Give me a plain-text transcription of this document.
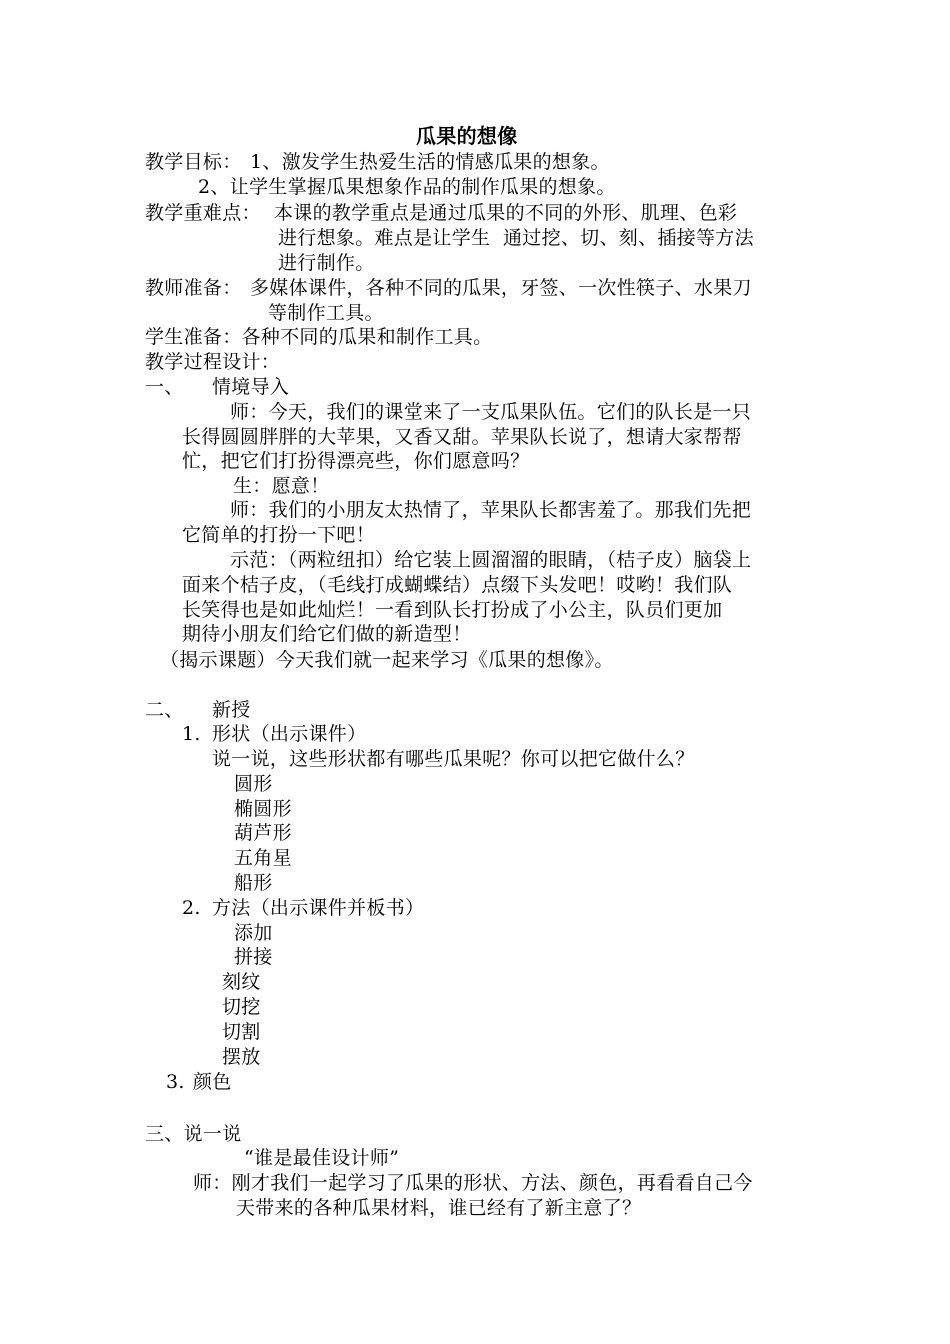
瓜果的想像
教学目标： 1、激发学生热爱生活的情感瓜果的想象。
2、让学生掌握瓜果想象作品的制作瓜果的想象。
教学重难点： 本课的教学重点是通过瓜果的不同的外形、肌理、色彩
进行想象。难点是让学生  通过挖、切、刻、插接等方法
进行制作。
教师准备： 多媒体课件，各种不同的瓜果，牙签、一次性筷子、水果刀
等制作工具。
学生准备：各种不同的瓜果和制作工具。
教学过程设计：
一、 情境导入
师：今天，我们的课堂来了一支瓜果队伍。它们的队长是一只
长得圆圆胖胖的大苹果，又香又甜。苹果队长说了，想请大家帮帮
忙，把它们打扮得漂亮些，你们愿意吗？
生：愿意！
师：我们的小朋友太热情了，苹果队长都害羞了。那我们先把
它简单的打扮一下吧！
示范：（两粒纽扣）给它装上圆溜溜的眼睛，（桔子皮）脑袋上
面来个桔子皮，（毛线打成蝴蝶结）点缀下头发吧！哎哟！我们队
长笑得也是如此灿烂！一看到队长打扮成了小公主，队员们更加
期待小朋友们给它们做的新造型！
（揭示课题）今天我们就一起来学习《瓜果的想像》。
二、 新授
1. 形状（出示课件）
说一说，这些形状都有哪些瓜果呢？你可以把它做什么？
圆形
椭圆形
葫芦形
五角星
船形
2. 方法（出示课件并板书）
添加
拼接
刻纹
切挖
切割
摆放
3. 颜色
三、说一说
“谁是最佳设计师”
师：刚才我们一起学习了瓜果的形状、方法、颜色，再看看自己今
天带来的各种瓜果材料，谁已经有了新主意了？
